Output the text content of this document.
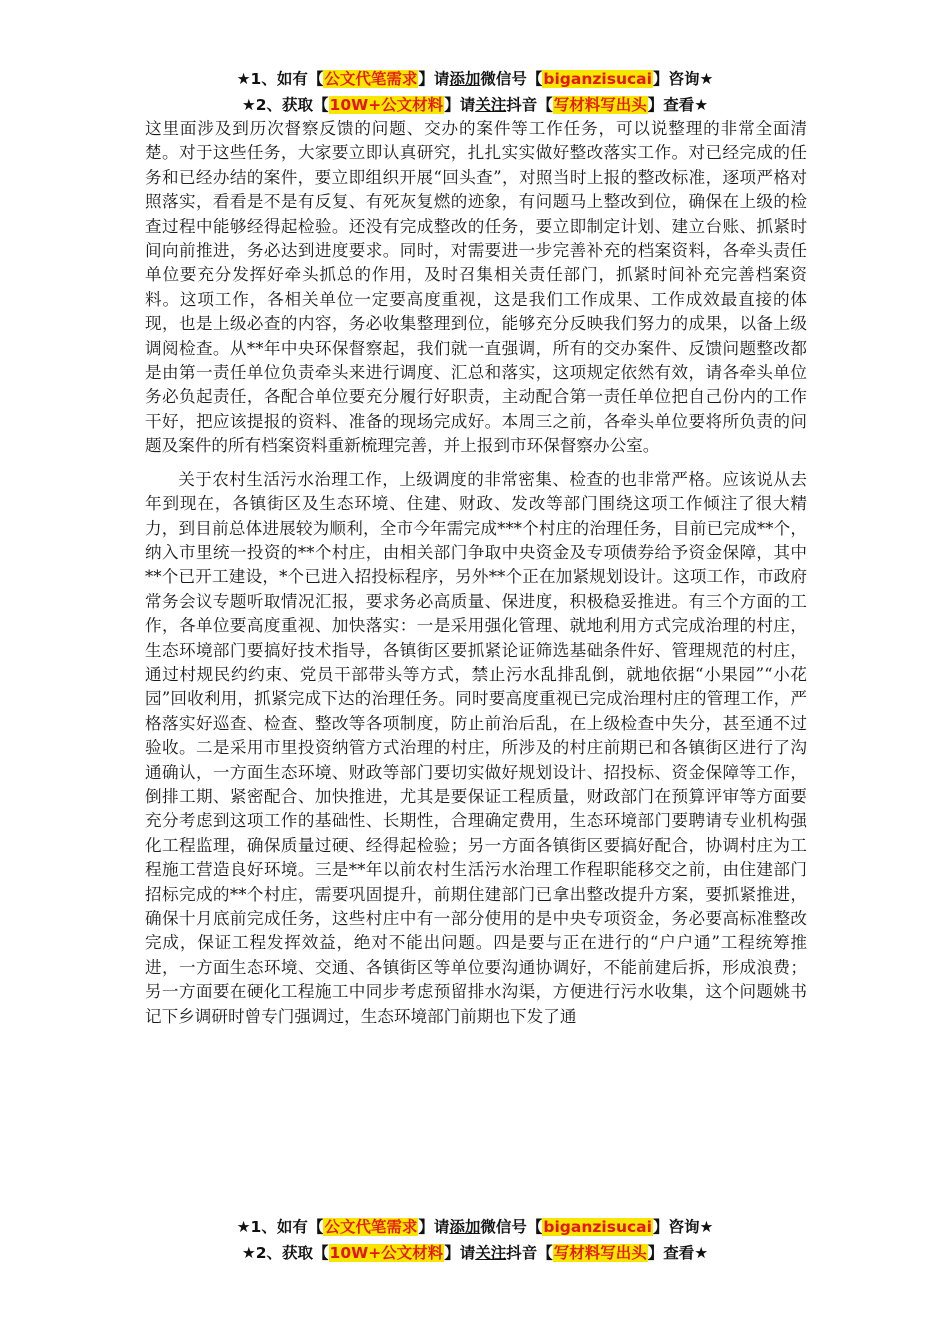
★1、如有【公文代笔需求】请添加微信号【biganzisucai】咨询★
★2、获取【10W+公文材料】请关注抖音【写材料写出头】查看★

这里面涉及到历次督察反馈的问题、交办的案件等工作任务，可以说整理的非常全面清楚。对于这些任务，大家要立即认真研究，扎扎实实做好整改落实工作。对已经完成的任务和已经办结的案件，要立即组织开展“回头查”，对照当时上报的整改标准，逐项严格对照落实，看看是不是有反复、有死灰复燃的迹象，有问题马上整改到位，确保在上级的检查过程中能够经得起检验。还没有完成整改的任务，要立即制定计划、建立台账、抓紧时间向前推进，务必达到进度要求。同时，对需要进一步完善补充的档案资料，各牵头责任单位要充分发挥好牵头抓总的作用，及时召集相关责任部门，抓紧时间补充完善档案资料。这项工作，各相关单位一定要高度重视，这是我们工作成果、工作成效最直接的体现，也是上级必查的内容，务必收集整理到位，能够充分反映我们努力的成果，以备上级调阅检查。从**年中央环保督察起，我们就一直强调，所有的交办案件、反馈问题整改都是由第一责任单位负责牵头来进行调度、汇总和落实，这项规定依然有效，请各牵头单位务必负起责任，各配合单位要充分履行好职责，主动配合第一责任单位把自己份内的工作干好，把应该提报的资料、准备的现场完成好。本周三之前，各牵头单位要将所负责的问题及案件的所有档案资料重新梳理完善，并上报到市环保督察办公室。

关于农村生活污水治理工作，上级调度的非常密集、检查的也非常严格。应该说从去年到现在，各镇街区及生态环境、住建、财政、发改等部门围绕这项工作倾注了很大精力，到目前总体进展较为顺利，全市今年需完成***个村庄的治理任务，目前已完成**个，纳入市里统一投资的**个村庄，由相关部门争取中央资金及专项债券给予资金保障，其中**个已开工建设，*个已进入招投标程序，另外**个正在加紧规划设计。这项工作，市政府常务会议专题听取情况汇报，要求务必高质量、保进度，积极稳妥推进。有三个方面的工作，各单位要高度重视、加快落实：一是采用强化管理、就地利用方式完成治理的村庄，生态环境部门要搞好技术指导，各镇街区要抓紧论证筛选基础条件好、管理规范的村庄，通过村规民约约束、党员干部带头等方式，禁止污水乱排乱倒，就地依据“小果园”“小花园”回收利用，抓紧完成下达的治理任务。同时要高度重视已完成治理村庄的管理工作，严格落实好巡查、检查、整改等各项制度，防止前治后乱，在上级检查中失分，甚至通不过验收。二是采用市里投资纳管方式治理的村庄，所涉及的村庄前期已和各镇街区进行了沟通确认，一方面生态环境、财政等部门要切实做好规划设计、招投标、资金保障等工作，倒排工期、紧密配合、加快推进，尤其是要保证工程质量，财政部门在预算评审等方面要充分考虑到这项工作的基础性、长期性，合理确定费用，生态环境部门要聘请专业机构强化工程监理，确保质量过硬、经得起检验；另一方面各镇街区要搞好配合，协调村庄为工程施工营造良好环境。三是**年以前农村生活污水治理工作程职能移交之前，由住建部门招标完成的**个村庄，需要巩固提升，前期住建部门已拿出整改提升方案，要抓紧推进，确保十月底前完成任务，这些村庄中有一部分使用的是中央专项资金，务必要高标准整改完成，保证工程发挥效益，绝对不能出问题。四是要与正在进行的“户户通”工程统筹推进，一方面生态环境、交通、各镇街区等单位要沟通协调好，不能前建后拆，形成浪费；另一方面要在硬化工程施工中同步考虑预留排水沟渠，方便进行污水收集，这个问题姚书记下乡调研时曾专门强调过，生态环境部门前期也下发了通

★1、如有【公文代笔需求】请添加微信号【biganzisucai】咨询★
★2、获取【10W+公文材料】请关注抖音【写材料写出头】查看★
